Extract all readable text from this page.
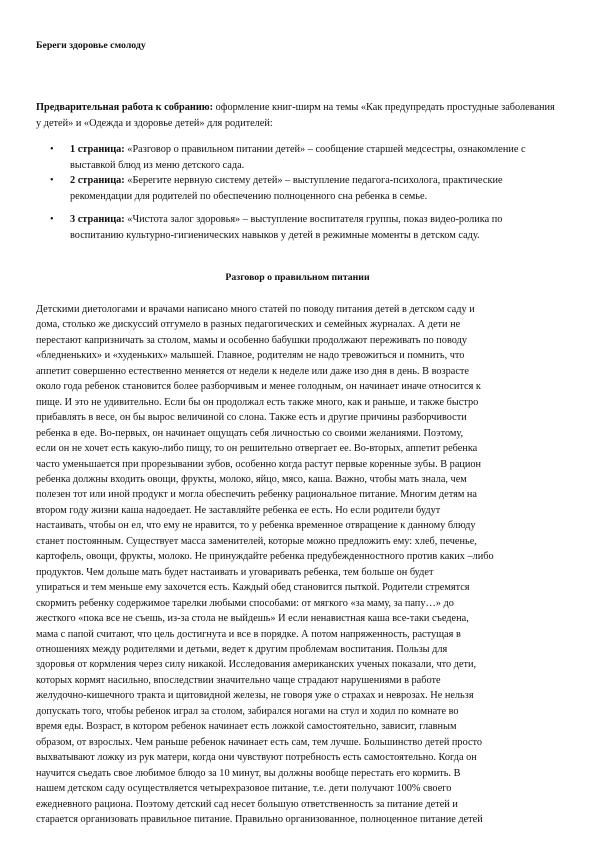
Береги здоровье смолоду
Предварительная работа к собранию: оформление книг-ширм на темы «Как предупредать простудные заболевания у детей» и «Одежда и здоровье детей» для родителей:
• 1 страница: «Разговор о правильном питании детей» – сообщение старшей медсестры, ознакомление с выставкой блюд из меню детского сада.
• 2 страница: «Берегите нервную систему детей» – выступление педагога-психолога, практические рекомендации для родителей по обеспечению полноценного сна ребенка в семье.
• 3 страница: «Чистота залог здоровья» – выступление воспитателя группы, показ видео-ролика по воспитанию культурно-гигиенических навыков у детей в режимные моменты в детском саду.
Разговор о правильном питании
Детскими диетологами и врачами написано много статей по поводу питания детей в детском саду и
дома, столько же дискуссий отгумело в разных педагогических и семейных журналах. А дети не
перестают капризничать за столом, мамы и особенно бабушки продолжают переживать по поводу
«бледненьких» и «худеньких» малышей. Главное, родителям не надо тревожиться и помнить, что
аппетит совершенно естественно меняется от недели к неделе или даже изо дня в день. В возрасте
около года ребенок становится более разборчивым и менее голодным, он начинает иначе относится к
пище. И это не удивительно. Если бы он продолжал есть также много, как и раньше, и также быстро
прибавлять в весе, он бы вырос величиной со слона. Также есть и другие причины разборчивости
ребенка в еде. Во-первых, он начинает ощущать себя личностью со своими желаниями. Поэтому,
если он не хочет есть какую-либо пищу, то он решительно отвергает ее. Во-вторых, аппетит ребенка
часто уменьшается при прорезывании зубов, особенно когда растут первые коренные зубы. В рацион
ребенка должны входить овощи, фрукты, молоко, яйцо, мясо, каша. Важно, чтобы мать знала, чем
полезен тот или иной продукт и могла обеспечить ребенку рациональное питание. Многим детям на
втором году жизни каша надоедает. Не заставляйте ребенка ее есть. Но если родители будут
настаивать, чтобы он ел, что ему не нравится, то у ребенка временное отвращение к данному блюду
станет постоянным. Существует масса заменителей, которые можно предложить ему: хлеб, печенье,
картофель, овощи, фрукты, молоко. Не принуждайте ребенка предубежденностного против каких –либо
продуктов. Чем дольше мать будет настаивать и уговаривать ребенка, тем больше он будет
упираться и тем меньше ему захочется есть. Каждый обед становится пыткой. Родители стремятся
скормить ребенку содержимое тарелки любыми способами: от мягкого «за маму, за папу…» до
жесткого «пока все не съешь, из-за стола не выйдешь» И если ненавистная каша все-таки съедена,
мама с папой считают, что цель достигнута и все в порядке. А потом напряженность, растущая в
отношениях между родителями и детьми, ведет к другим проблемам воспитания. Пользы для
здоровья от кормления через силу никакой. Исследования американских ученых показали, что дети,
которых кормят насильно, впоследствии значительно чаще страдают нарушениями в работе
желудочно-кишечного тракта и щитовидной железы, не говоря уже о страхах и неврозах. Не нельзя
допускать того, чтобы ребенок играл за столом, забирался ногами на стул и ходил по комнате во
время еды. Возраст, в котором ребенок начинает есть ложкой самостоятельно, зависит, главным
образом, от взрослых. Чем раньше ребенок начинает есть сам, тем лучше. Большинство детей просто
выхватывают ложку из рук матери, когда они чувствуют потребность есть самостоятельно. Когда он
научится съедать свое любимое блюдо за 10 минут, вы должны вообще перестать его кормить. В
нашем детском саду осуществляется четырехразовое питание, т.е. дети получают 100% своего
ежедневного рациона. Поэтому детский сад несет большую ответственность за питание детей и
старается организовать правильное питание. Правильно организованное, полноценное питание детей
